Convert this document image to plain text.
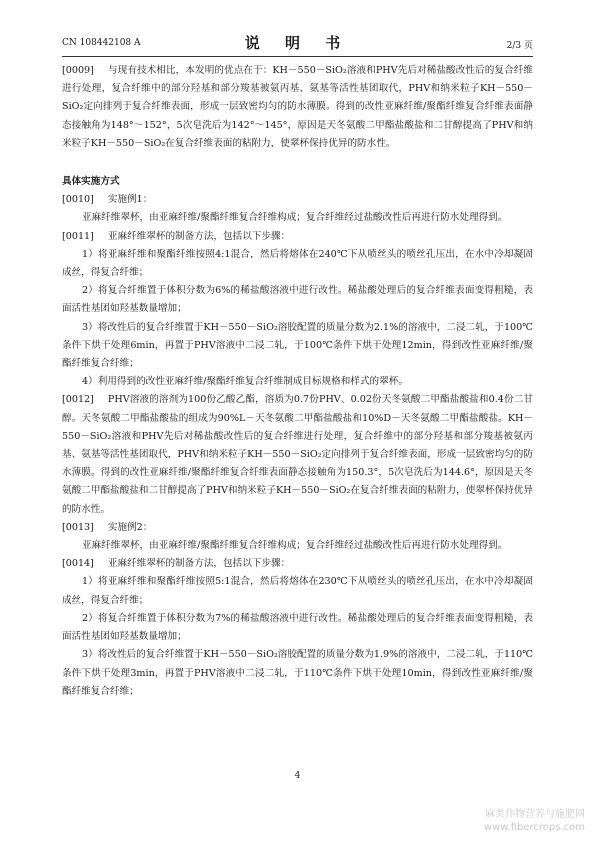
CN 108442108 A	说 明 书	2/3 页

[0009] 与现有技术相比，本发明的优点在于：KH－550－SiO₂溶液和PHV先后对稀盐酸改性后的复合纤维进行处理，复合纤维中的部分羟基和部分羧基被氨丙基、氨基等活性基团取代，PHV和纳米粒子KH－550－SiO₂定向排列于复合纤维表面，形成一层致密均匀的防水薄膜。得到的改性亚麻纤维/聚酯纤维复合纤维表面静态接触角为148°～152°，5次皂洗后为142°～145°，原因是天冬氨酸二甲酯盐酸盐和二甘醇提高了PHV和纳米粒子KH－550－SiO₂在复合纤维表面的粘附力，使翠杯保持优异的防水性。

具体实施方式

[0010] 实施例1：

亚麻纤维翠杯，由亚麻纤维/聚酯纤维复合纤维构成；复合纤维经过盐酸改性后再进行防水处理得到。

[0011] 亚麻纤维翠杯的制备方法，包括以下步骤：

1）将亚麻纤维和聚酯纤维按照4:1混合，然后将熔体在240℃下从喷丝头的喷丝孔压出，在水中冷却凝固成丝，得复合纤维；

2）将复合纤维置于体积分数为6%的稀盐酸溶液中进行改性。稀盐酸处理后的复合纤维表面变得粗糙，表面活性基团如羟基数量增加；

3）将改性后的复合纤维置于KH－550－SiO₂溶胶配置的质量分数为2.1%的溶液中，二浸二轧，于100℃条件下烘干处理6min，再置于PHV溶液中二浸二轧，于100℃条件下烘干处理12min，得到改性亚麻纤维/聚酯纤维复合纤维；

4）利用得到的改性亚麻纤维/聚酯纤维复合纤维制成目标规格和样式的翠杯。

[0012] PHV溶液的溶剂为100份乙酸乙酯，溶质为0.7份PHV、0.02份天冬氨酸二甲酯盐酸盐和0.4份二甘醇。天冬氨酸二甲酯盐酸盐的组成为90%L－天冬氨酸二甲酯盐酸盐和10%D－天冬氨酸二甲酯盐酸盐。KH－550－SiO₂溶液和PHV先后对稀盐酸改性后的复合纤维进行处理，复合纤维中的部分羟基和部分羧基被氨丙基、氨基等活性基团取代，PHV和纳米粒子KH－550－SiO₂定向排列于复合纤维表面，形成一层致密均匀的防水薄膜。得到的改性亚麻纤维/聚酯纤维复合纤维表面静态接触角为150.3°，5次皂洗后为144.6°，原因是天冬氨酸二甲酯盐酸盐和二甘醇提高了PHV和纳米粒子KH－550－SiO₂在复合纤维表面的粘附力，使翠杯保持优异的防水性。

[0013] 实施例2：

亚麻纤维翠杯，由亚麻纤维/聚酯纤维复合纤维构成；复合纤维经过盐酸改性后再进行防水处理得到。

[0014] 亚麻纤维翠杯的制备方法，包括以下步骤：

1）将亚麻纤维和聚酯纤维按照5:1混合，然后将熔体在230℃下从喷丝头的喷丝孔压出，在水中冷却凝固成丝，得复合纤维；

2）将复合纤维置于体积分数为7%的稀盐酸溶液中进行改性。稀盐酸处理后的复合纤维表面变得粗糙，表面活性基团如羟基数量增加；

3）将改性后的复合纤维置于KH－550－SiO₂溶胶配置的质量分数为1.9%的溶液中，二浸二轧，于110℃条件下烘干处理3min，再置于PHV溶液中二浸二轧，于110℃条件下烘干处理10min，得到改性亚麻纤维/聚酯纤维复合纤维；

4
麻类作物营养与施肥网
www.fibercrops.com
